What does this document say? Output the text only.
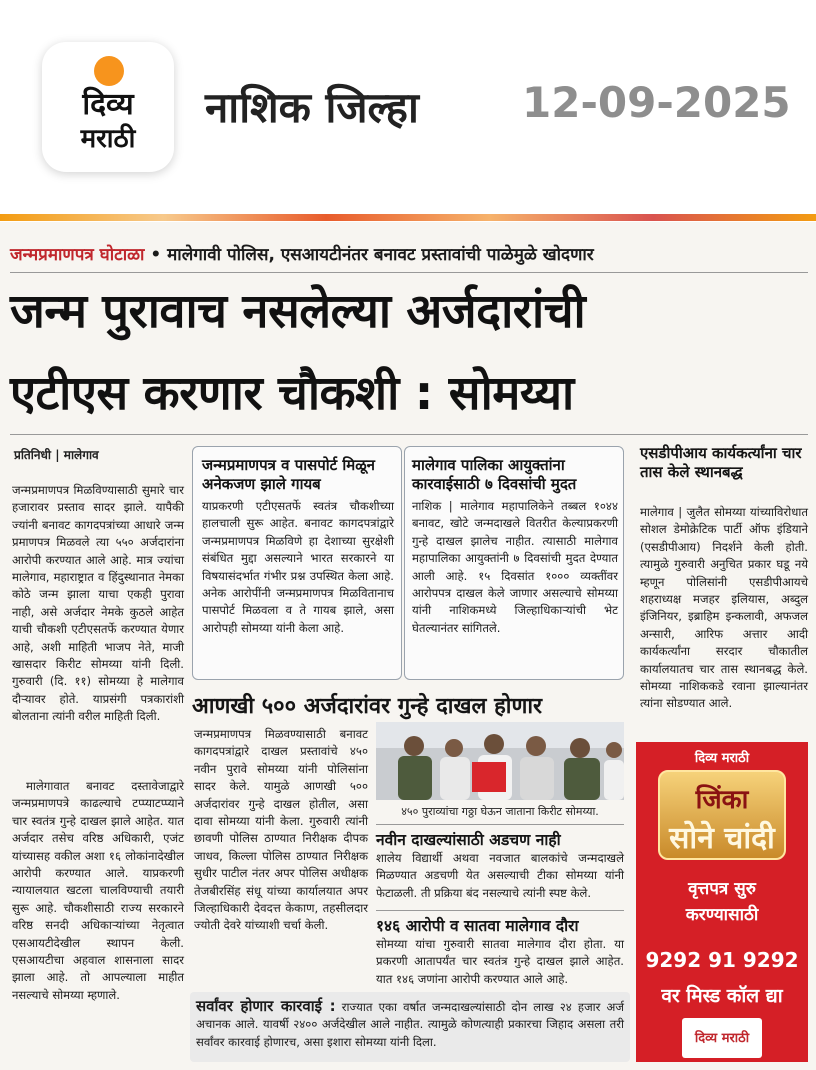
दिव्य
मराठी
नाशिक जिल्हा 12-09-2025
जन्मप्रमाणपत्र घोटाळा • मालेगावी पोलिस, एसआयटीनंतर बनावट प्रस्तावांची पाळेमुळे खोदणार
जन्म पुरावाच नसलेल्या अर्जदारांची
एटीएस करणार चौकशी : सोमय्या
प्रतिनिधी | मालेगाव
जन्मप्रमाणपत्र मिळविण्यासाठी सुमारे चार हजारावर प्रस्ताव सादर झाले. यापैकी ज्यांनी बनावट कागदपत्रांच्या आधारे जन्म प्रमाणपत्र मिळवले त्या ५५० अर्जदारांना आरोपी करण्यात आले आहे. मात्र ज्यांचा मालेगाव, महाराष्ट्रात व हिंदुस्थानात नेमका कोठे जन्म झाला याचा एकही पुरावा नाही, असे अर्जदार नेमके कुठले आहेत याची चौकशी एटीएसतर्फे करण्यात येणार आहे, अशी माहिती भाजप नेते, माजी खासदार किरीट सोमय्या यांनी दिली. गुरुवारी (दि. ११) सोमय्या हे मालेगाव दौऱ्यावर होते. याप्रसंगी पत्रकारांशी बोलताना त्यांनी वरील माहिती दिली.
मालेगावात बनावट दस्तावेजाद्वारे जन्मप्रमाणपत्रे काढल्याचे टप्प्याटप्प्याने चार स्वतंत्र गुन्हे दाखल झाले आहेत. यात अर्जदार तसेच वरिष्ठ अधिकारी, एजंट यांच्यासह वकील अशा १६ लोकांनादेखील आरोपी करण्यात आले. याप्रकरणी न्यायालयात खटला चालविण्याची तयारी सुरू आहे. चौकशीसाठी राज्य सरकारने वरिष्ठ सनदी अधिकाऱ्यांच्या नेतृत्वात एसआयटीदेखील स्थापन केली. एसआयटीचा अहवाल शासनाला सादर झाला आहे. तो आपल्याला माहीत नसल्याचे सोमय्या म्हणाले.
जन्मप्रमाणपत्र व पासपोर्ट मिळून अनेकजण झाले गायब
याप्रकरणी एटीएसतर्फे स्वतंत्र चौकशीच्या हालचाली सुरू आहेत. बनावट कागदपत्रांद्वारे जन्मप्रमाणपत्र मिळविणे हा देशाच्या सुरक्षेशी संबंधित मुद्दा असल्याने भारत सरकारने या विषयासंदर्भात गंभीर प्रश्न उपस्थित केला आहे. अनेक आरोपींनी जन्मप्रमाणपत्र मिळवितानाच पासपोर्ट मिळवला व ते गायब झाले, असा आरोपही सोमय्या यांनी केला आहे.
मालेगाव पालिका आयुक्तांना कारवाईसाठी ७ दिवसांची मुदत
नाशिक | मालेगाव महापालिकेने तब्बल १०४४ बनावट, खोटे जन्मदाखले वितरीत केल्याप्रकरणी गुन्हे दाखल झालेच नाहीत. त्यासाठी मालेगाव महापालिका आयुक्तांनी ७ दिवसांची मुदत देण्यात आली आहे. १५ दिवसांत १००० व्यक्तींवर आरोपपत्र दाखल केले जाणार असल्याचे सोमय्या यांनी नाशिकमध्ये जिल्हाधिकाऱ्यांची भेट घेतल्यानंतर सांगितले.
एसडीपीआय कार्यकर्त्यांना चार तास केले स्थानबद्ध
मालेगाव | जुलैत सोमय्या यांच्याविरोधात सोशल डेमोक्रेटिक पार्टी ऑफ इंडियाने (एसडीपीआय) निदर्शने केली होती. त्यामुळे गुरुवारी अनुचित प्रकार घडू नये म्हणून पोलिसांनी एसडीपीआयचे शहराध्यक्ष मजहर इलियास, अब्दुल इंजिनियर, इब्राहिम इन्कलावी, अफजल अन्सारी, आरिफ अत्तार आदी कार्यकर्त्यांना सरदार चौकातील कार्यालयातच चार तास स्थानबद्ध केले. सोमय्या नाशिककडे रवाना झाल्यानंतर त्यांना सोडण्यात आले.
आणखी ५०० अर्जदारांवर गुन्हे दाखल होणार
जन्मप्रमाणपत्र मिळवण्यासाठी बनावट कागदपत्रांद्वारे दाखल प्रस्तावांचे ४५० नवीन पुरावे सोमय्या यांनी पोलिसांना सादर केले. यामुळे आणखी ५०० अर्जदारांवर गुन्हे दाखल होतील, असा दावा सोमय्या यांनी केला. गुरुवारी त्यांनी छावणी पोलिस ठाण्यात निरीक्षक दीपक जाधव, किल्ला पोलिस ठाण्यात निरीक्षक सुधीर पाटील नंतर अपर पोलिस अधीक्षक तेजबीरसिंह संधू यांच्या कार्यालयात अपर जिल्हाधिकारी देवदत्त केकाण, तहसीलदार ज्योती देवरे यांच्याशी चर्चा केली.
४५० पुराव्यांचा गठ्ठा घेऊन जाताना किरीट सोमय्या.
नवीन दाखल्यांसाठी अडचण नाही
शालेय विद्यार्थी अथवा नवजात बालकांचे जन्मदाखले मिळण्यात अडचणी येत असल्याची टीका सोमय्या यांनी फेटाळली. ती प्रक्रिया बंद नसल्याचे त्यांनी स्पष्ट केले.
१४६ आरोपी व सातवा मालेगाव दौरा
सोमय्या यांचा गुरुवारी सातवा मालेगाव दौरा होता. या प्रकरणी आतापर्यंत चार स्वतंत्र गुन्हे दाखल झाले आहेत. यात १४६ जणांना आरोपी करण्यात आले आहे.
सर्वांवर होणार कारवाई : राज्यात एका वर्षात जन्मदाखल्यांसाठी दोन लाख २४ हजार अर्ज अचानक आले. यावर्षी २४०० अर्जदेखील आले नाहीत. त्यामुळे कोणत्याही प्रकारचा जिहाद असला तरी सर्वांवर कारवाई होणारच, असा इशारा सोमय्या यांनी दिला.
दिव्य मराठी
जिंका
सोने चांदी
वृत्तपत्र सुरु
करण्यासाठी
9292 91 9292
वर मिस्ड कॉल द्या
दिव्य मराठी
